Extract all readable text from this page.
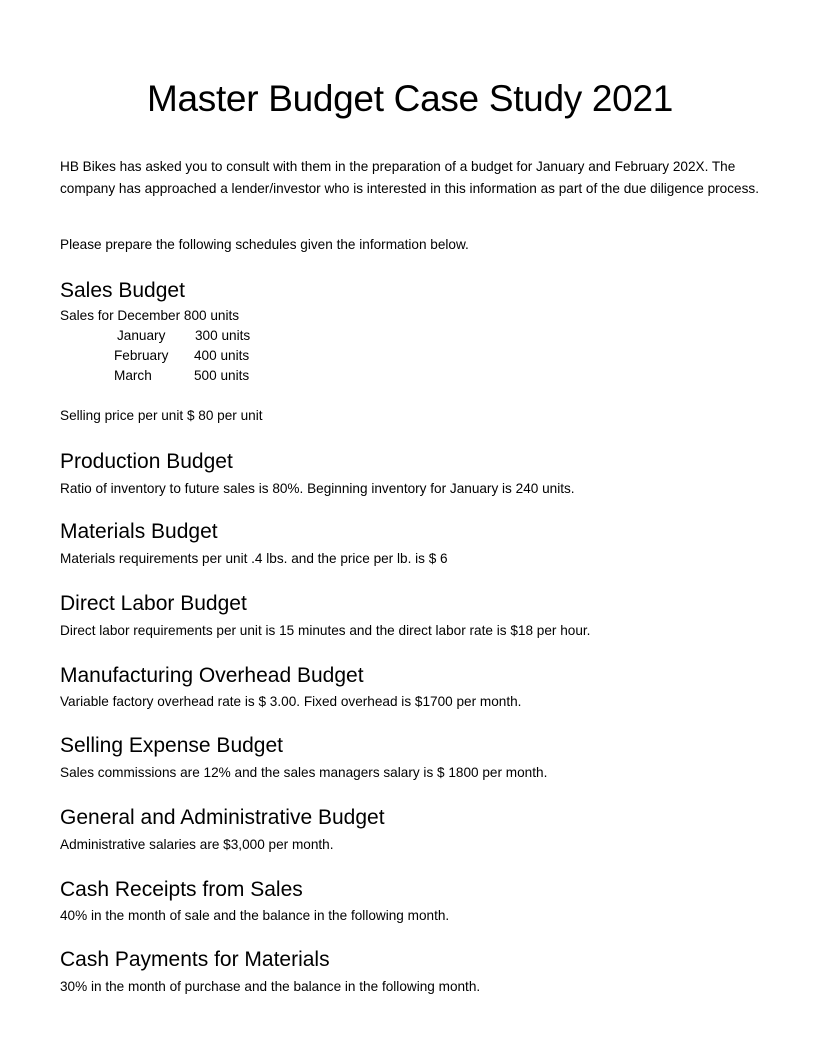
Master Budget Case Study 2021

HB Bikes has asked you to consult with them in the preparation of a budget for January and February 202X. The company has approached a lender/investor who is interested in this information as part of the due diligence process.

Please prepare the following schedules given the information below.

Sales Budget

Sales for December 800 units

January 300 units
February 400 units
March	500 units

Selling price per unit $ 80 per unit

Production Budget

Ratio of inventory to future sales is 80%. Beginning inventory for January is 240 units.

Materials Budget

Materials requirements per unit .4 lbs. and the price per lb. is $ 6

Direct Labor Budget

Direct labor requirements per unit is 15 minutes and the direct labor rate is $18 per hour.

Manufacturing Overhead Budget

Variable factory overhead rate is $ 3.00. Fixed overhead is $1700 per month.

Selling Expense Budget

Sales commissions are 12% and the sales managers salary is $ 1800 per month.

General and Administrative Budget

Administrative salaries are $3,000 per month.

Cash Receipts from Sales

40% in the month of sale and the balance in the following month.

Cash Payments for Materials

30% in the month of purchase and the balance in the following month.
